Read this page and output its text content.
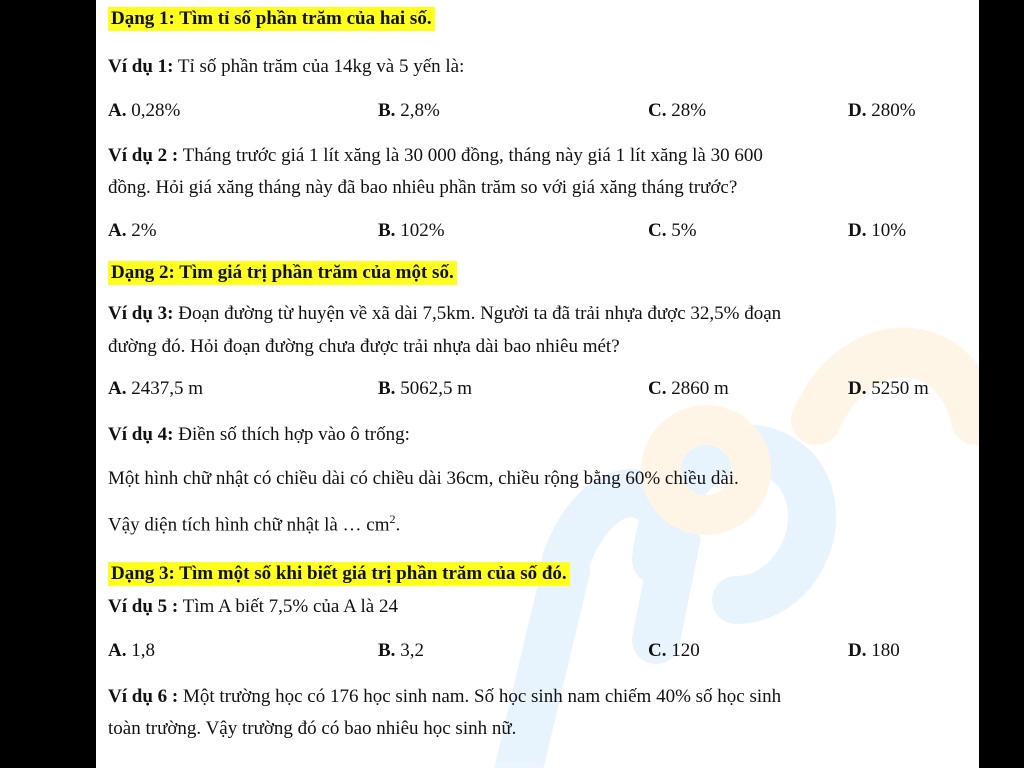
Dạng 1: Tìm tỉ số phần trăm của hai số.
Ví dụ 1: Tỉ số phần trăm của 14kg và 5 yến là:
A. 0,28%	B. 2,8%	C. 28%	D. 280%
Ví dụ 2 : Tháng trước giá 1 lít xăng là 30 000 đồng, tháng này giá 1 lít xăng là 30 600
đồng. Hỏi giá xăng tháng này đã bao nhiêu phần trăm so với giá xăng tháng trước?
A. 2%	B. 102%	C. 5%	D. 10%
Dạng 2: Tìm giá trị phần trăm của một số.
Ví dụ 3: Đoạn đường từ huyện về xã dài 7,5km. Người ta đã trải nhựa được 32,5% đoạn
đường đó. Hỏi đoạn đường chưa được trải nhựa dài bao nhiêu mét?
A. 2437,5 m	B. 5062,5 m	C. 2860 m	D. 5250 m
Ví dụ 4: Điền số thích hợp vào ô trống:
Một hình chữ nhật có chiều dài có chiều dài 36cm, chiều rộng bằng 60% chiều dài.
Vậy diện tích hình chữ nhật là … $cm^2$.
Dạng 3: Tìm một số khi biết giá trị phần trăm của số đó.
Ví dụ 5 : Tìm A biết 7,5% của A là 24
A. 1,8	B. 3,2	C. 120	D. 180
Ví dụ 6 : Một trường học có 176 học sinh nam. Số học sinh nam chiếm 40% số học sinh
toàn trường. Vậy trường đó có bao nhiêu học sinh nữ.
